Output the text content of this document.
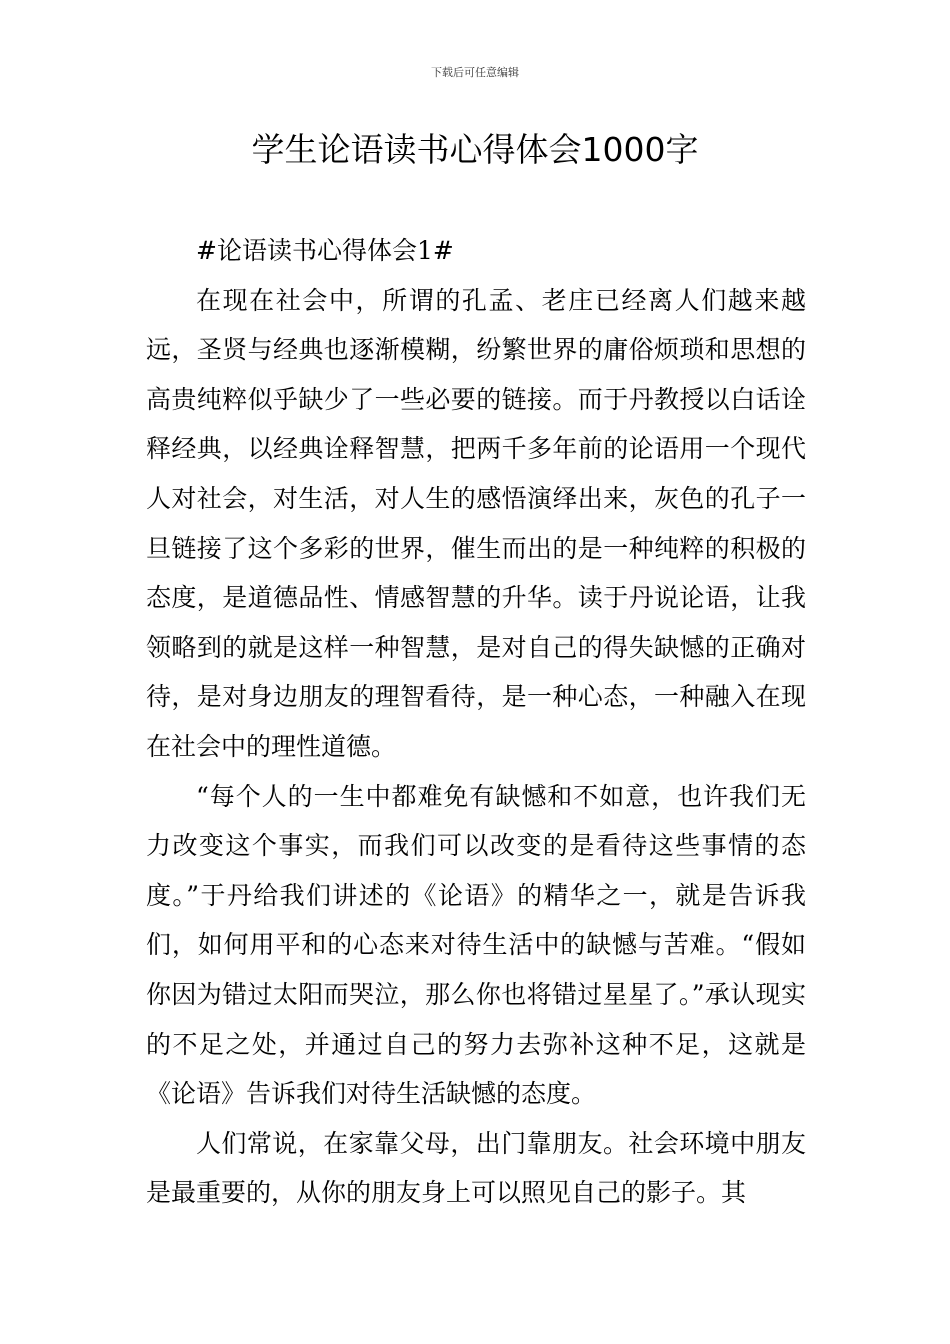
下载后可任意编辑
学生论语读书心得体会1000字

#论语读书心得体会1#

在现在社会中，所谓的孔孟、老庄已经离人们越来越远，圣贤与经典也逐渐模糊，纷繁世界的庸俗烦琐和思想的高贵纯粹似乎缺少了一些必要的链接。而于丹教授以白话诠释经典，以经典诠释智慧，把两千多年前的论语用一个现代人对社会，对生活，对人生的感悟演绎出来，灰色的孔子一旦链接了这个多彩的世界，催生而出的是一种纯粹的积极的态度，是道德品性、情感智慧的升华。读于丹说论语，让我领略到的就是这样一种智慧，是对自己的得失缺憾的正确对待，是对身边朋友的理智看待，是一种心态，一种融入在现在社会中的理性道德。

“每个人的一生中都难免有缺憾和不如意，也许我们无力改变这个事实，而我们可以改变的是看待这些事情的态度。”于丹给我们讲述的《论语》的精华之一，就是告诉我们，如何用平和的心态来对待生活中的缺憾与苦难。“假如你因为错过太阳而哭泣，那么你也将错过星星了。”承认现实的不足之处，并通过自己的努力去弥补这种不足，这就是《论语》告诉我们对待生活缺憾的态度。

人们常说，在家靠父母，出门靠朋友。社会环境中朋友是最重要的，从你的朋友身上可以照见自己的影子。其
